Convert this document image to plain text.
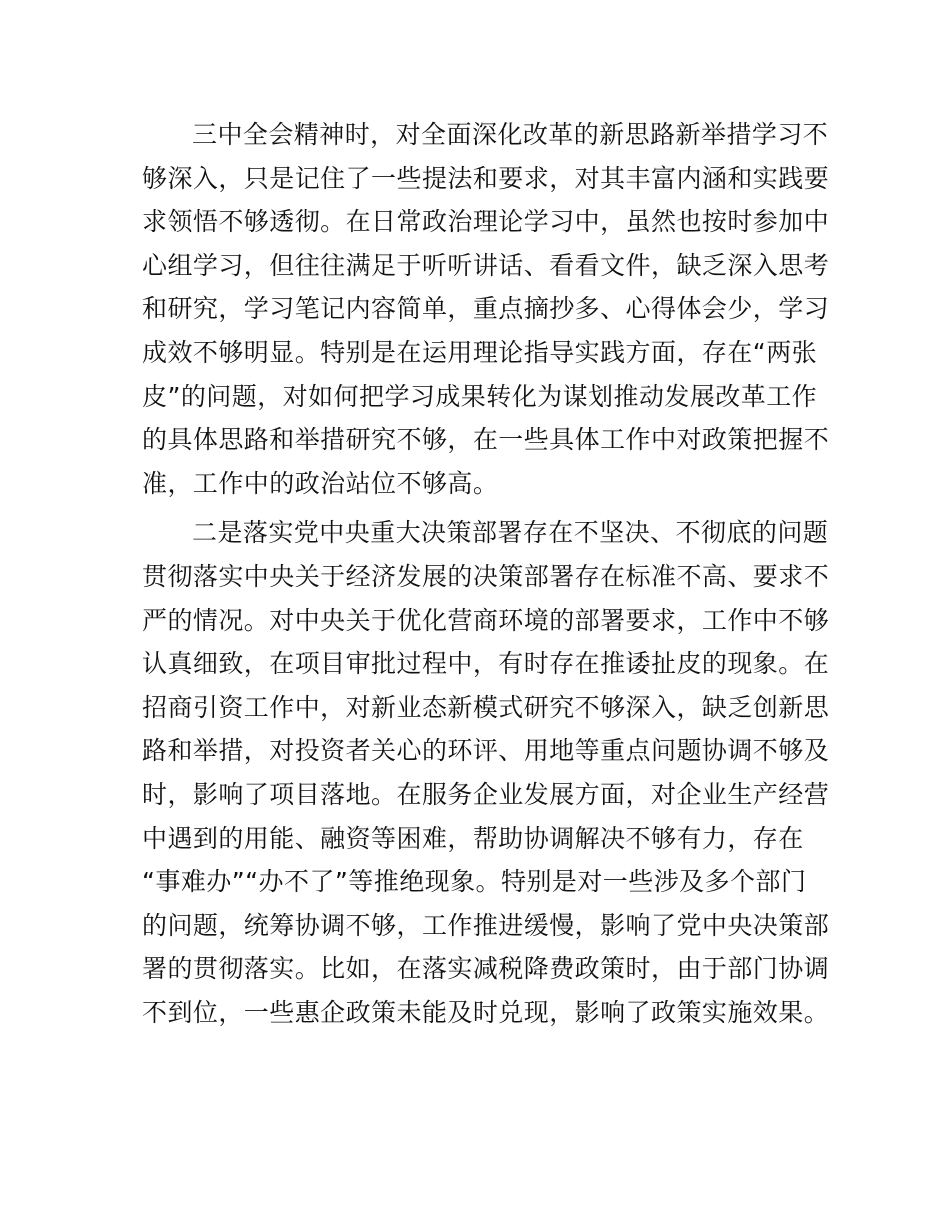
三中全会精神时，对全面深化改革的新思路新举措学习不
够深入，只是记住了一些提法和要求，对其丰富内涵和实践要
求领悟不够透彻。在日常政治理论学习中，虽然也按时参加中
心组学习，但往往满足于听听讲话、看看文件，缺乏深入思考
和研究，学习笔记内容简单，重点摘抄多、心得体会少，学习
成效不够明显。特别是在运用理论指导实践方面，存在“两张
皮”的问题，对如何把学习成果转化为谋划推动发展改革工作
的具体思路和举措研究不够，在一些具体工作中对政策把握不
准，工作中的政治站位不够高。
二是落实党中央重大决策部署存在不坚决、不彻底的问题
贯彻落实中央关于经济发展的决策部署存在标准不高、要求不
严的情况。对中央关于优化营商环境的部署要求，工作中不够
认真细致，在项目审批过程中，有时存在推诿扯皮的现象。在
招商引资工作中，对新业态新模式研究不够深入，缺乏创新思
路和举措，对投资者关心的环评、用地等重点问题协调不够及
时，影响了项目落地。在服务企业发展方面，对企业生产经营
中遇到的用能、融资等困难，帮助协调解决不够有力，存在
“事难办”“办不了”等推绝现象。特别是对一些涉及多个部门
的问题，统筹协调不够，工作推进缓慢，影响了党中央决策部
署的贯彻落实。比如，在落实减税降费政策时，由于部门协调
不到位，一些惠企政策未能及时兑现，影响了政策实施效果。
